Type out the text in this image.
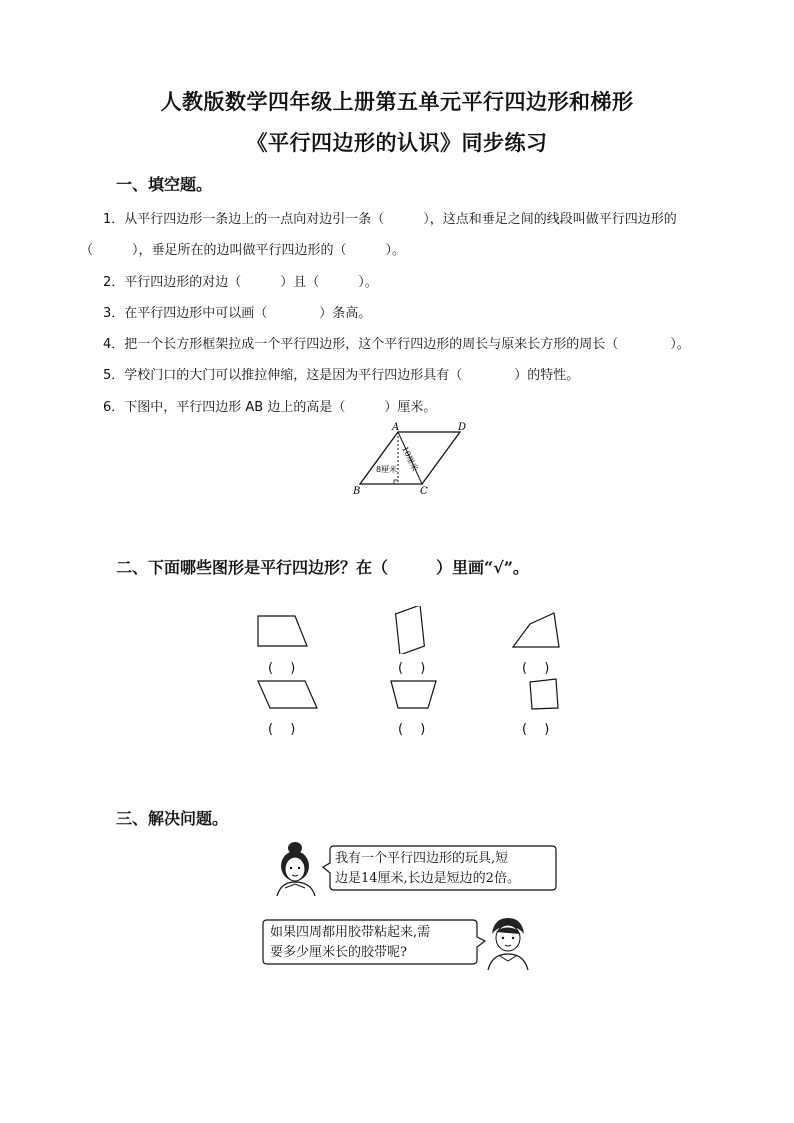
人教版数学四年级上册第五单元平行四边形和梯形
《平行四边形的认识》同步练习
一、填空题。
1．从平行四边形一条边上的一点向对边引一条（　　　），这点和垂足之间的线段叫做平行四边形的
（　　　），垂足所在的边叫做平行四边形的（　　　）。
2．平行四边形的对边（　　　）且（　　　）。
3．在平行四边形中可以画（　　　　）条高。
4．把一个长方形框架拉成一个平行四边形，这个平行四边形的周长与原来长方形的周长（　　　　）。
5．学校门口的大门可以推拉伸缩，这是因为平行四边形具有（　　　　）的特性。
6．下图中，平行四边形 AB 边上的高是（　　　）厘米。
A	D
B	C
10厘米
8厘米
二、下面哪些图形是平行四边形？在（　　　）里画“√”。
(　 )	(　 )	(　 )
(　 )	(　 )	(　 )
三、解决问题。
我有一个平行四边形的玩具,短
边是14厘米,长边是短边的2倍。
如果四周都用胶带粘起来,需
要多少厘米长的胶带呢?
